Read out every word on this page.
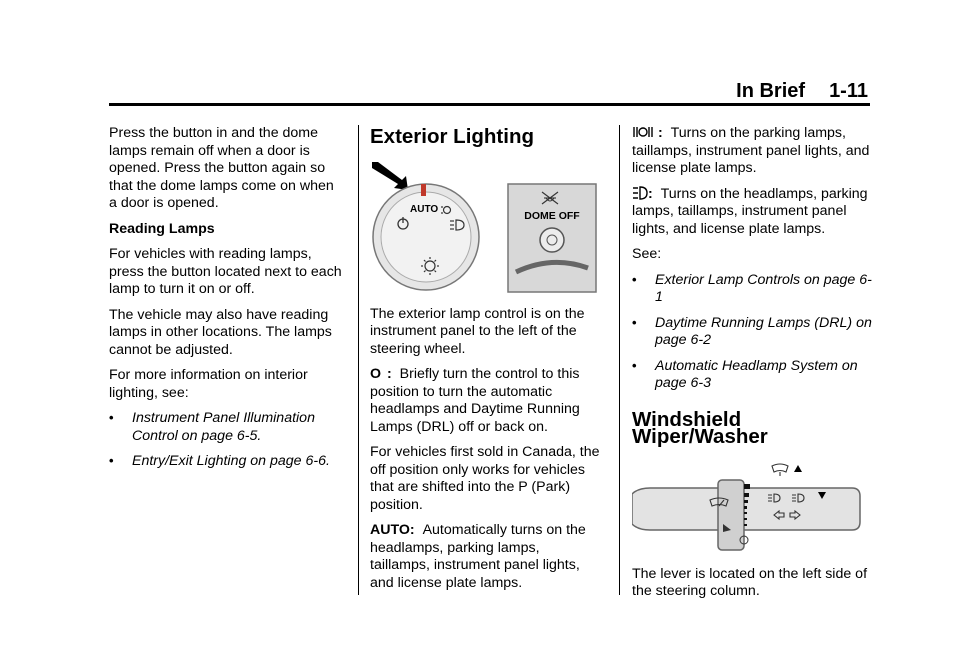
In Brief 1-11

Press the button in and the dome lamps remain off when a door is opened. Press the button again so that the dome lamps come on when a door is opened.

Reading Lamps

For vehicles with reading lamps, press the button located next to each lamp to turn it on or off.

The vehicle may also have reading lamps in other locations. The lamps cannot be adjusted.

For more information on interior lighting, see:

• Instrument Panel Illumination Control on page 6-5.
• Entry/Exit Lighting on page 6-6.
Exterior Lighting
AUTO
DOME OFF

The exterior lamp control is on the instrument panel to the left of the steering wheel.

O : Briefly turn the control to this position to turn the automatic headlamps and Daytime Running Lamps (DRL) off or back on.

For vehicles first sold in Canada, the off position only works for vehicles that are shifted into the P (Park) position.

AUTO: Automatically turns on the headlamps, parking lamps, taillamps, instrument panel lights, and license plate lamps.

: Turns on the parking lamps, taillamps, instrument panel lights, and license plate lamps.

: Turns on the headlamps, parking lamps, taillamps, instrument panel lights, and license plate lamps.

See:

• Exterior Lamp Controls on page 6-1
• Daytime Running Lamps (DRL) on page 6-2
• Automatic Headlamp System on page 6-3
Windshield Wiper/Washer

The lever is located on the left side of the steering column.
